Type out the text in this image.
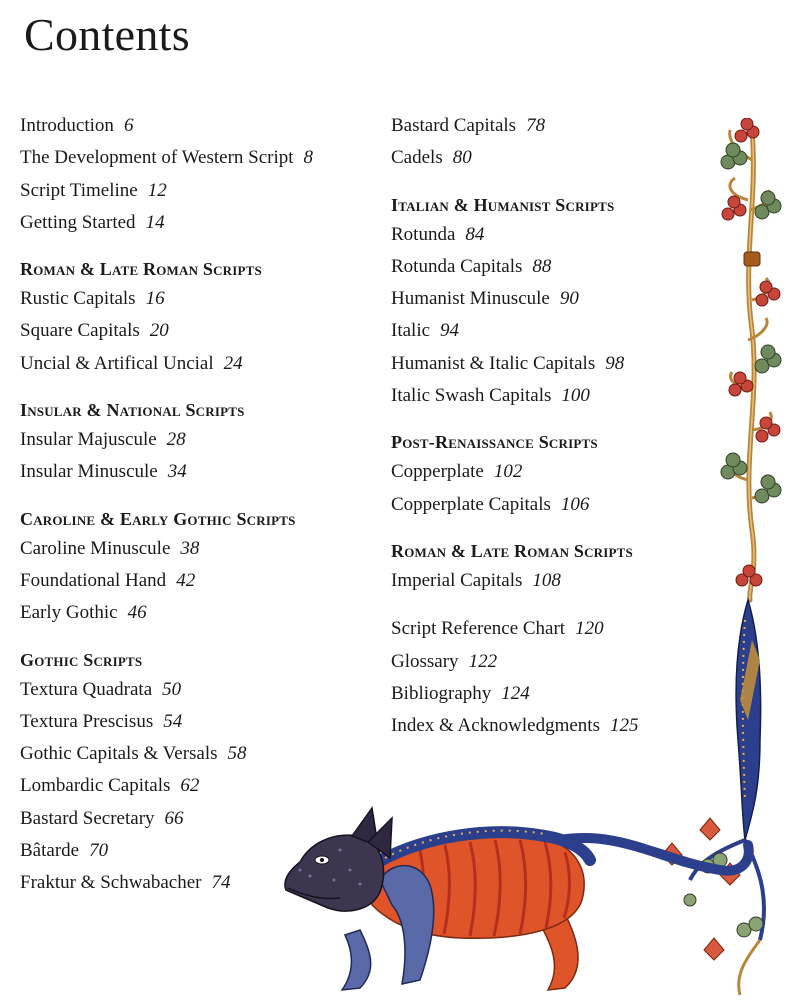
Contents
Introduction 6
The Development of Western Script 8
Script Timeline 12
Getting Started 14
Roman & Late Roman Scripts
Rustic Capitals 16
Square Capitals 20
Uncial & Artifical Uncial 24
Insular & National Scripts
Insular Majuscule 28
Insular Minuscule 34
Caroline & Early Gothic Scripts
Caroline Minuscule 38
Foundational Hand 42
Early Gothic 46
Gothic Scripts
Textura Quadrata 50
Textura Prescisus 54
Gothic Capitals & Versals 58
Lombardic Capitals 62
Bastard Secretary 66
Bâtarde 70
Fraktur & Schwabacher 74
Bastard Capitals 78
Cadels 80
Italian & Humanist Scripts
Rotunda 84
Rotunda Capitals 88
Humanist Minuscule 90
Italic 94
Humanist & Italic Capitals 98
Italic Swash Capitals 100
Post-Renaissance Scripts
Copperplate 102
Copperplate Capitals 106
Roman & Late Roman Scripts
Imperial Capitals 108
Script Reference Chart 120
Glossary 122
Bibliography 124
Index & Acknowledgments 125
